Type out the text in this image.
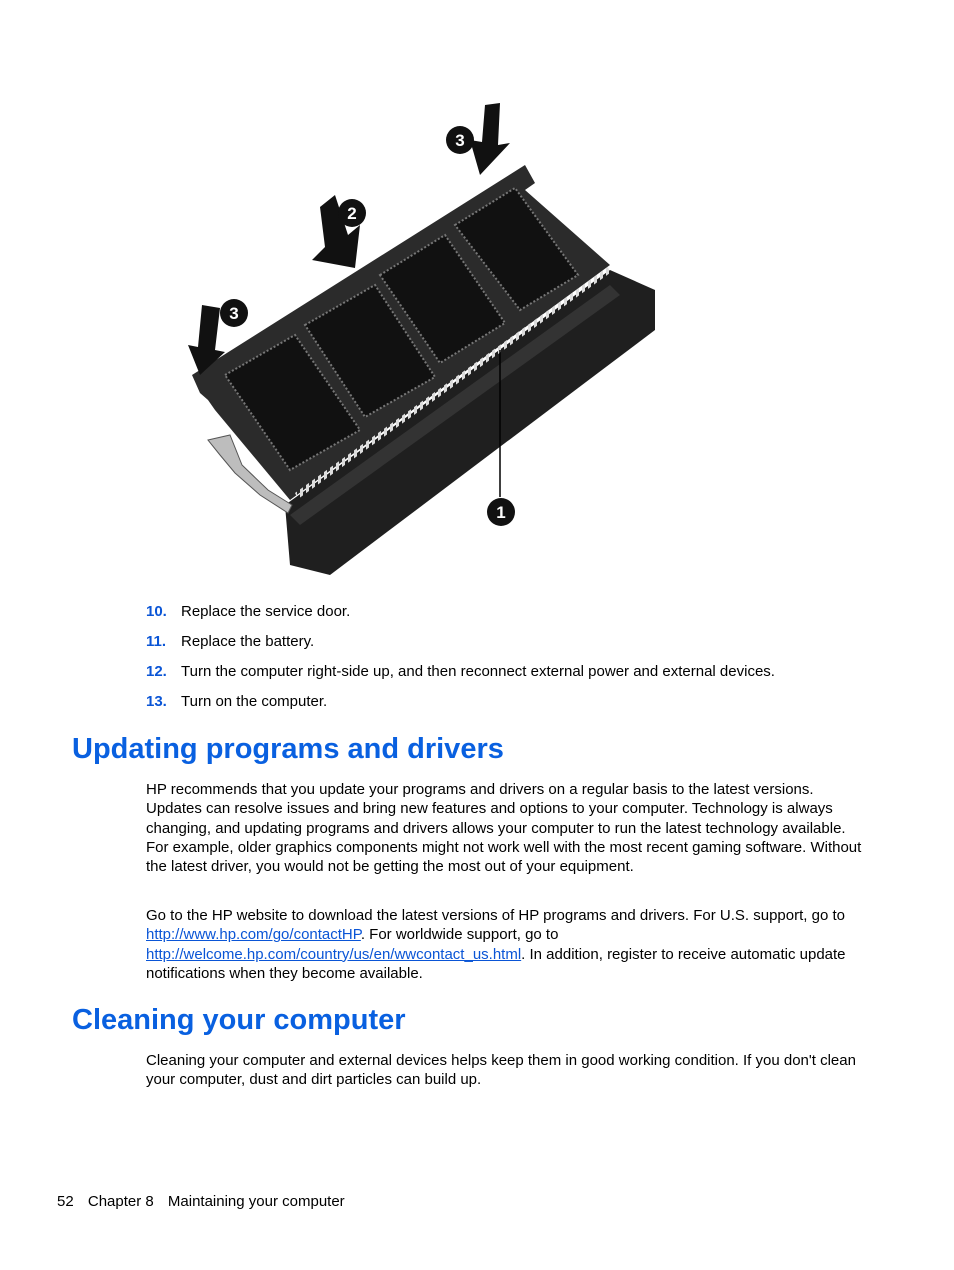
3
2
3
1
10. Replace the service door.
11. Replace the battery.
12. Turn the computer right-side up, and then reconnect external power and external devices.
13. Turn on the computer.
Updating programs and drivers

HP recommends that you update your programs and drivers on a regular basis to the latest versions. Updates can resolve issues and bring new features and options to your computer. Technology is always changing, and updating programs and drivers allows your computer to run the latest technology available. For example, older graphics components might not work well with the most recent gaming software. Without the latest driver, you would not be getting the most out of your equipment.

Go to the HP website to download the latest versions of HP programs and drivers. For U.S. support, go to http://www.hp.com/go/contactHP. For worldwide support, go to http://welcome.hp.com/country/us/en/wwcontact_us.html. In addition, register to receive automatic update notifications when they become available.

Cleaning your computer

Cleaning your computer and external devices helps keep them in good working condition. If you don't clean your computer, dust and dirt particles can build up.

52 Chapter 8 Maintaining your computer
